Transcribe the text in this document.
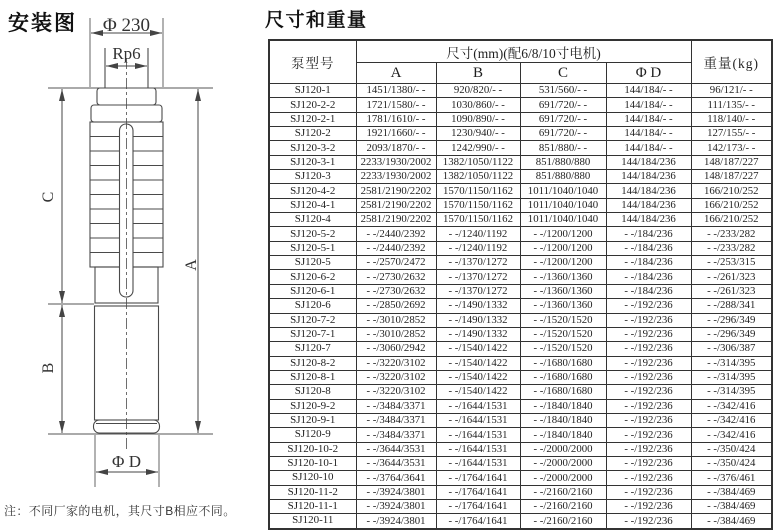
安装图 Φ 230
Rp6
C
A
B
Φ D
注：不同厂家的电机，其尺寸B相应不同。
尺寸和重量
泵型号	尺寸(mm)(配6/8/10寸电机)				重量(kg)
	A	B	C	Φ D	
SJ120-1	1451/1380/- -	920/820/- -	531/560/- -	144/184/- -	96/121/- -
SJ120-2-2	1721/1580/- -	1030/860/- -	691/720/- -	144/184/- -	111/135/- -
SJ120-2-1	1781/1610/- -	1090/890/- -	691/720/- -	144/184/- -	118/140/- -
SJ120-2	1921/1660/- -	1230/940/- -	691/720/- -	144/184/- -	127/155/- -
SJ120-3-2	2093/1870/- -	1242/990/- -	851/880/- -	144/184/- -	142/173/- -
SJ120-3-1	2233/1930/2002	1382/1050/1122	851/880/880	144/184/236	148/187/227
SJ120-3	2233/1930/2002	1382/1050/1122	851/880/880	144/184/236	148/187/227
SJ120-4-2	2581/2190/2202	1570/1150/1162	1011/1040/1040	144/184/236	166/210/252
SJ120-4-1	2581/2190/2202	1570/1150/1162	1011/1040/1040	144/184/236	166/210/252
SJ120-4	2581/2190/2202	1570/1150/1162	1011/1040/1040	144/184/236	166/210/252
SJ120-5-2	- -/2440/2392	- -/1240/1192	- -/1200/1200	- -/184/236	- -/233/282
SJ120-5-1	- -/2440/2392	- -/1240/1192	- -/1200/1200	- -/184/236	- -/233/282
SJ120-5	- -/2570/2472	- -/1370/1272	- -/1200/1200	- -/184/236	- -/253/315
SJ120-6-2	- -/2730/2632	- -/1370/1272	- -/1360/1360	- -/184/236	- -/261/323
SJ120-6-1	- -/2730/2632	- -/1370/1272	- -/1360/1360	- -/184/236	- -/261/323
SJ120-6	- -/2850/2692	- -/1490/1332	- -/1360/1360	- -/192/236	- -/288/341
SJ120-7-2	- -/3010/2852	- -/1490/1332	- -/1520/1520	- -/192/236	- -/296/349
SJ120-7-1	- -/3010/2852	- -/1490/1332	- -/1520/1520	- -/192/236	- -/296/349
SJ120-7	- -/3060/2942	- -/1540/1422	- -/1520/1520	- -/192/236	- -/306/387
SJ120-8-2	- -/3220/3102	- -/1540/1422	- -/1680/1680	- -/192/236	- -/314/395
SJ120-8-1	- -/3220/3102	- -/1540/1422	- -/1680/1680	- -/192/236	- -/314/395
SJ120-8	- -/3220/3102	- -/1540/1422	- -/1680/1680	- -/192/236	- -/314/395
SJ120-9-2	- -/3484/3371	- -/1644/1531	- -/1840/1840	- -/192/236	- -/342/416
SJ120-9-1	- -/3484/3371	- -/1644/1531	- -/1840/1840	- -/192/236	- -/342/416
SJ120-9	- -/3484/3371	- -/1644/1531	- -/1840/1840	- -/192/236	- -/342/416
SJ120-10-2	- -/3644/3531	- -/1644/1531	- -/2000/2000	- -/192/236	- -/350/424
SJ120-10-1	- -/3644/3531	- -/1644/1531	- -/2000/2000	- -/192/236	- -/350/424
SJ120-10	- -/3764/3641	- -/1764/1641	- -/2000/2000	- -/192/236	- -/376/461
SJ120-11-2	- -/3924/3801	- -/1764/1641	- -/2160/2160	- -/192/236	- -/384/469
SJ120-11-1	- -/3924/3801	- -/1764/1641	- -/2160/2160	- -/192/236	- -/384/469
SJ120-11	- -/3924/3801	- -/1764/1641	- -/2160/2160	- -/192/236	- -/384/469
